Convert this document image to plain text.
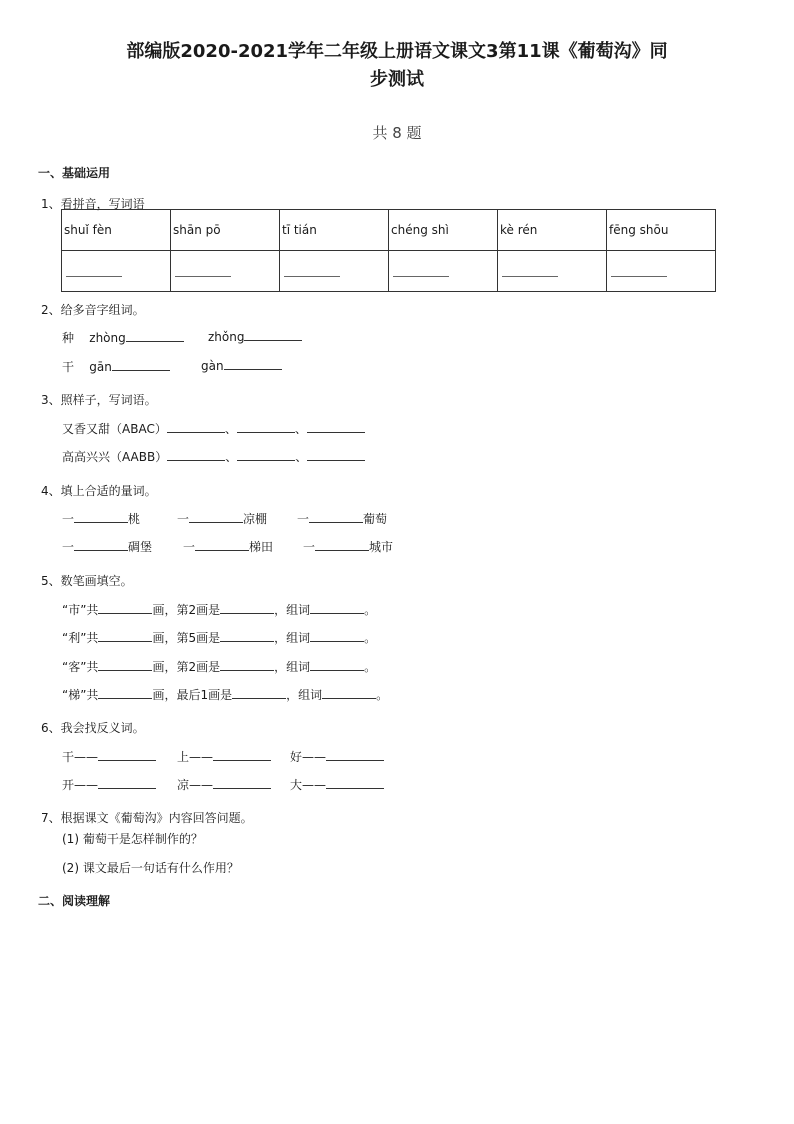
部编版2020-2021学年二年级上册语文课文3第11课《葡萄沟》同
步测试
共 8 题
一、基础运用
1、看拼音，写词语
shuǐ fèn	shān pō	tī tián	chéng shì	kè rén	fēng shōu

2、给多音字组词。
种 zhòng	zhǒng
干 gān	gàn
3、照样子，写词语。
又香又甜（ABAC）	、	、
高高兴兴（AABB）	、	、
4、填上合适的量词。
一	桃	一	凉棚 一	葡萄
一	碉堡	一	梯田 一	城市
5、数笔画填空。
“市”共	画，第2画是	，组词	。
“利”共	画，第5画是	，组词	。
“客”共	画，第2画是	，组词	。
“梯”共	画，最后1画是	，组词	。
6、我会找反义词。
干——	上——	好——
开——	凉——	大——
7、根据课文《葡萄沟》内容回答问题。
(1) 葡萄干是怎样制作的？
(2) 课文最后一句话有什么作用？
二、阅读理解
